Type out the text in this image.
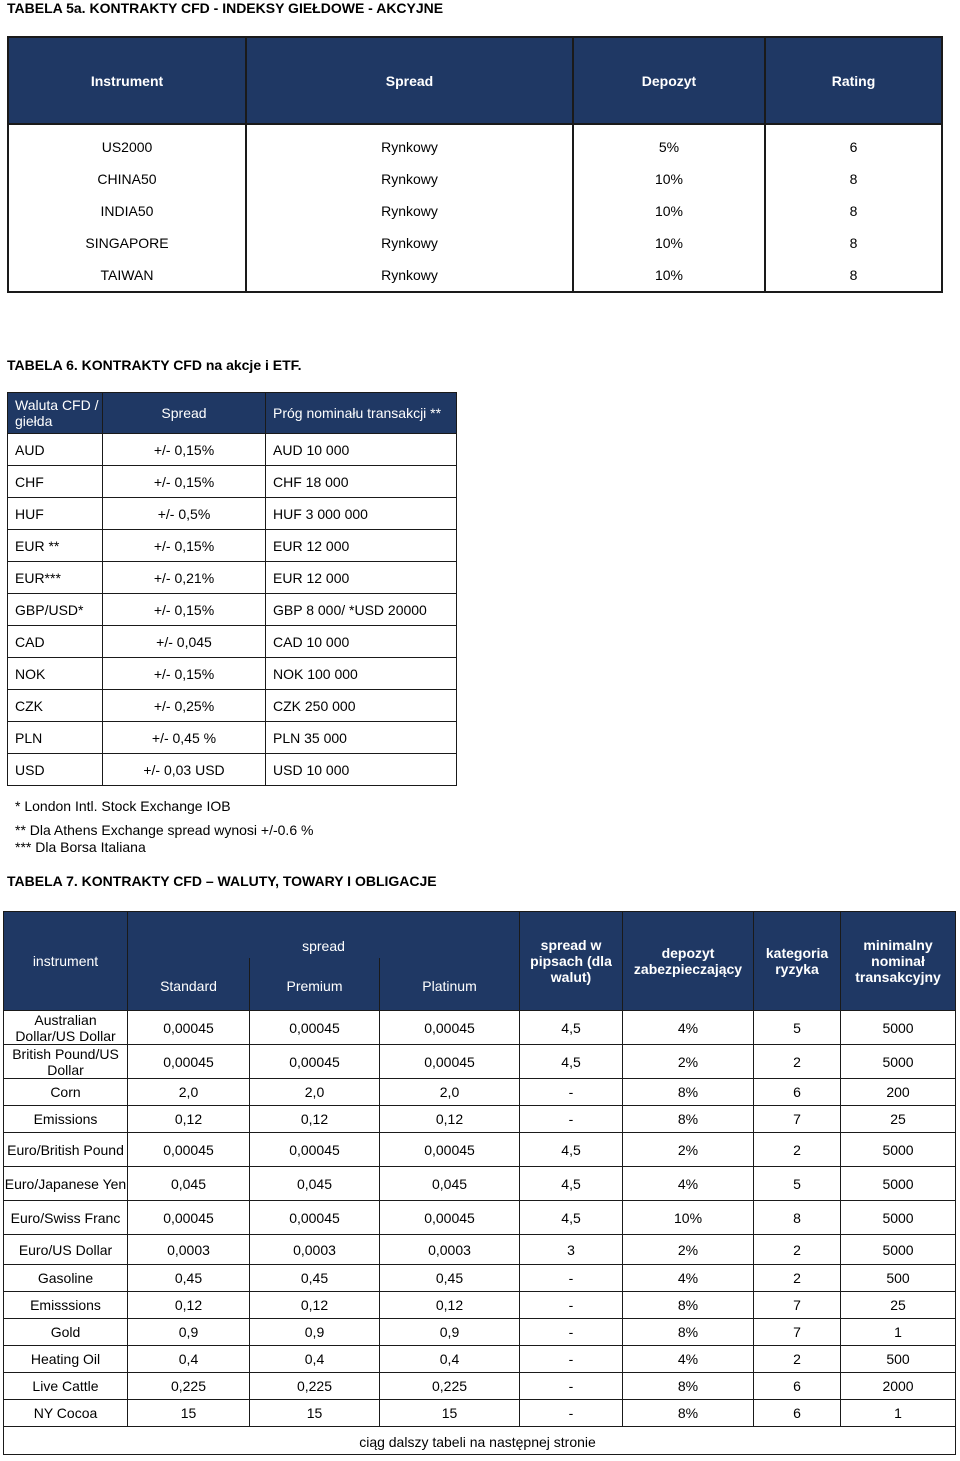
TABELA 5a. KONTRAKTY CFD - INDEKSY GIEŁDOWE - AKCYJNE
Instrument	Spread	Depozyt	Rating
US2000	Rynkowy	5%	6
CHINA50	Rynkowy	10%	8
INDIA50	Rynkowy	10%	8
SINGAPORE	Rynkowy	10%	8
TAIWAN	Rynkowy	10%	8
TABELA 6. KONTRAKTY CFD na akcje i ETF.
Waluta CFD / giełda	Spread	Próg nominału transakcji **
AUD	+/- 0,15%	AUD 10 000
CHF	+/- 0,15%	CHF 18 000
HUF	+/- 0,5%	HUF 3 000 000
EUR **	+/- 0,15%	EUR 12 000
EUR***	+/- 0,21%	EUR 12 000
GBP/USD*	+/- 0,15%	GBP 8 000/ *USD 20000
CAD	+/- 0,045	CAD 10 000
NOK	+/- 0,15%	NOK 100 000
CZK	+/- 0,25%	CZK 250 000
PLN	+/- 0,45 %	PLN 35 000
USD	+/- 0,03 USD	USD 10 000
* London Intl. Stock Exchange IOB
** Dla Athens Exchange spread wynosi +/-0.6 %
*** Dla Borsa Italiana
TABELA 7. KONTRAKTY CFD – WALUTY, TOWARY I OBLIGACJE
instrument	spread			spread w pipsach (dla walut)	depozyt zabezpieczający	kategoria ryzyka	minimalny nominał transakcyjny
	Standard	Premium	Platinum				
Australian Dollar/US Dollar	0,00045	0,00045	0,00045	4,5	4%	5	5000
British Pound/US Dollar	0,00045	0,00045	0,00045	4,5	2%	2	5000
Corn	2,0	2,0	2,0	-	8%	6	200
Emissions	0,12	0,12	0,12	-	8%	7	25
Euro/British Pound	0,00045	0,00045	0,00045	4,5	2%	2	5000
Euro/Japanese Yen	0,045	0,045	0,045	4,5	4%	5	5000
Euro/Swiss Franc	0,00045	0,00045	0,00045	4,5	10%	8	5000
Euro/US Dollar	0,0003	0,0003	0,0003	3	2%	2	5000
Gasoline	0,45	0,45	0,45	-	4%	2	500
Emisssions	0,12	0,12	0,12	-	8%	7	25
Gold	0,9	0,9	0,9	-	8%	7	1
Heating Oil	0,4	0,4	0,4	-	4%	2	500
Live Cattle	0,225	0,225	0,225	-	8%	6	2000
NY Cocoa	15	15	15	-	8%	6	1
ciąg dalszy tabeli na następnej stronie							
